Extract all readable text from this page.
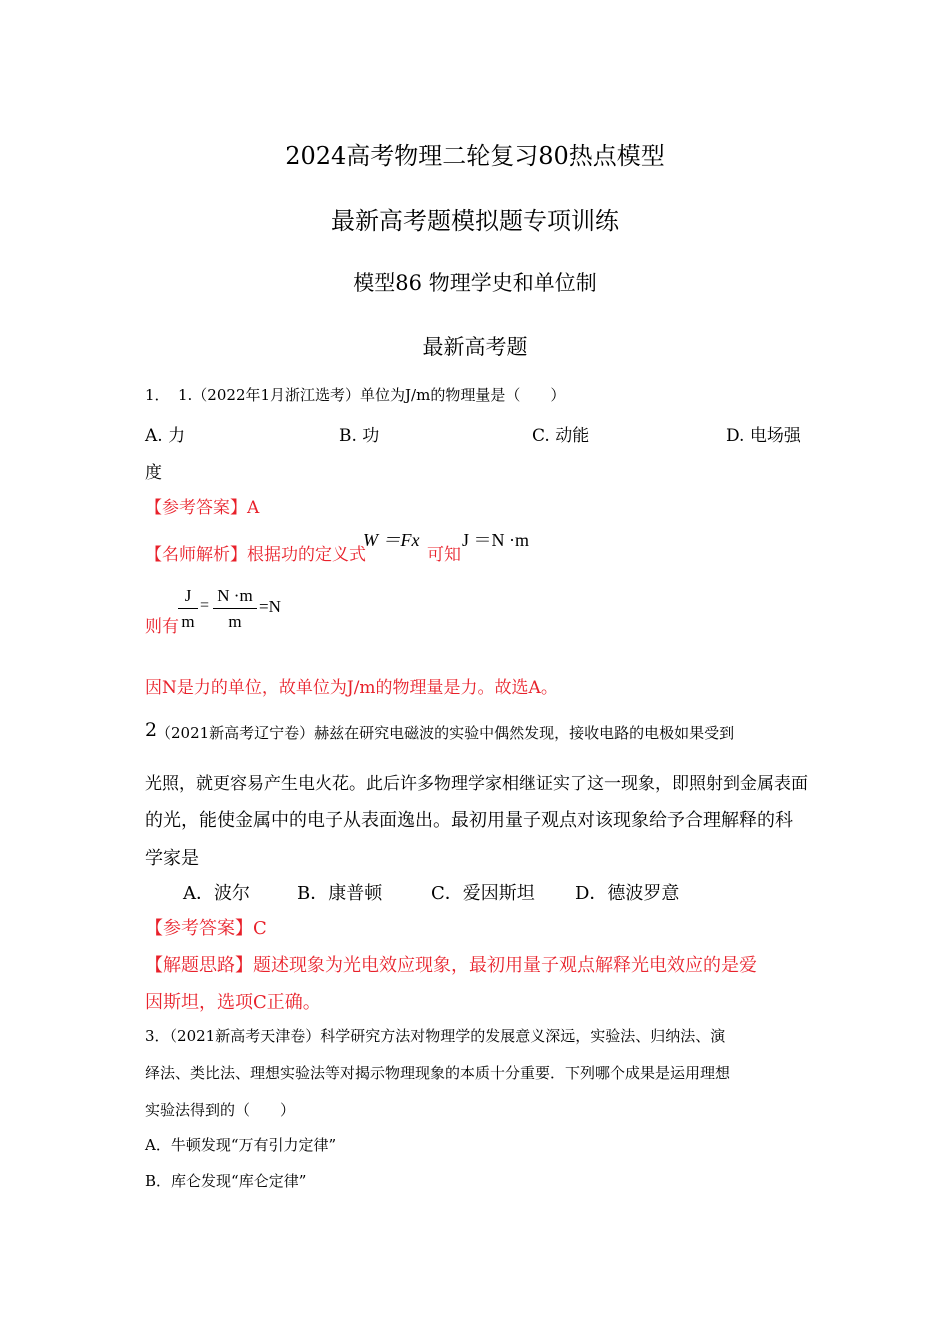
2024高考物理二轮复习80热点模型
最新高考题模拟题专项训练
模型86 物理学史和单位制
最新高考题
1． 1.（2022年1月浙江选考）单位为J/m的物理量是（　　）
A. 力	B. 功	C. 动能	D. 电场强
度
【参考答案】A
【名师解析】根据功的定义式
W ＝Fx
可知
J ＝N ·m
则有
J
m
=
N ·m
m
=N
因N是力的单位，故单位为J/m的物理量是力。故选A。
2
（2021新高考辽宁卷）赫兹在研究电磁波的实验中偶然发现，接收电路的电极如果受到
光照，就更容易产生电火花。此后许多物理学家相继证实了这一现象，即照射到金属表面
的光，能使金属中的电子从表面逸出。最初用量子观点对该现象给予合理解释的科
学家是
A．波尔	B．康普顿	C．爱因斯坦 D．德波罗意
【参考答案】C
【解题思路】题述现象为光电效应现象，最初用量子观点解释光电效应的是爱
因斯坦，选项C正确。
3．（2021新高考天津卷）科学研究方法对物理学的发展意义深远，实验法、归纳法、演
绎法、类比法、理想实验法等对揭示物理现象的本质十分重要．下列哪个成果是运用理想
实验法得到的（　　）
A．牛顿发现“万有引力定律”
B．库仑发现“库仑定律”
